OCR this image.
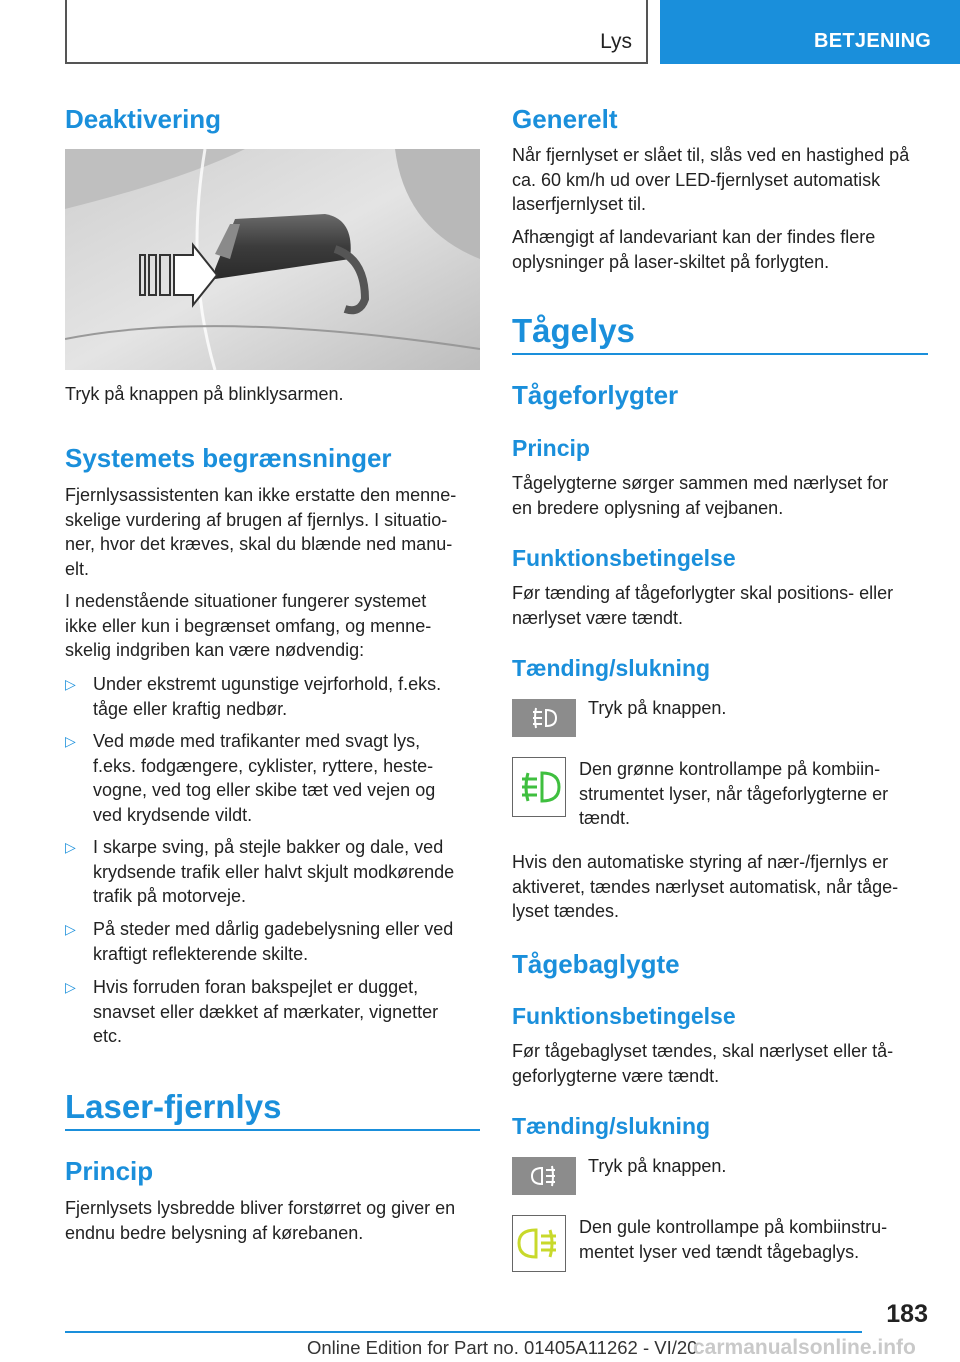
Lys	BETJENING
Deaktivering

Tryk på knappen på blinklysarmen.

Systemets begrænsninger
Fjernlysassistenten kan ikke erstatte den menne-
skelige vurdering af brugen af fjernlys. I situatio-
ner, hvor det kræves, skal du blænde ned manu-
elt.
I nedenstående situationer fungerer systemet
ikke eller kun i begrænset omfang, og menne-
skelig indgriben kan være nødvendig:
▷ Under ekstremt ugunstige vejrforhold, f.eks.
tåge eller kraftig nedbør.
▷ Ved møde med trafikanter med svagt lys,
f.eks. fodgængere, cyklister, ryttere, heste-
vogne, ved tog eller skibe tæt ved vejen og
ved krydsende vildt.
▷ I skarpe sving, på stejle bakker og dale, ved
krydsende trafik eller halvt skjult modkørende
trafik på motorveje.
▷ På steder med dårlig gadebelysning eller ved
kraftigt reflekterende skilte.
▷ Hvis forruden foran bakspejlet er dugget,
snavset eller dækket af mærkater, vignetter
etc.
Laser-fjernlys
Princip
Fjernlysets lysbredde bliver forstørret og giver en
endnu bedre belysning af kørebanen.
Generelt
Når fjernlyset er slået til, slås ved en hastighed på
ca. 60 km/h ud over LED-fjernlyset automatisk
laserfjernlyset til.
Afhængigt af landevariant kan der findes flere
oplysninger på laser-skiltet på forlygten.
Tågelys
Tågeforlygter
Princip
Tågelygterne sørger sammen med nærlyset for
en bredere oplysning af vejbanen.
Funktionsbetingelse
Før tænding af tågeforlygter skal positions- eller
nærlyset være tændt.
Tænding/slukning

Tryk på knappen.

Den grønne kontrollampe på kombiin-
strumentet lyser, når tågeforlygterne er
tændt.
Hvis den automatiske styring af nær-/fjernlys er
aktiveret, tændes nærlyset automatisk, når tåge-
lyset tændes.
Tågebaglygte
Funktionsbetingelse
Før tågebaglyset tændes, skal nærlyset eller tå-
geforlygterne være tændt.
Tænding/slukning

Tryk på knappen.

Den gule kontrollampe på kombiinstru-
mentet lyser ved tændt tågebaglys.
183
Online Edition for Part no. 01405A11262 - VI/20
carmanualsonline.info
